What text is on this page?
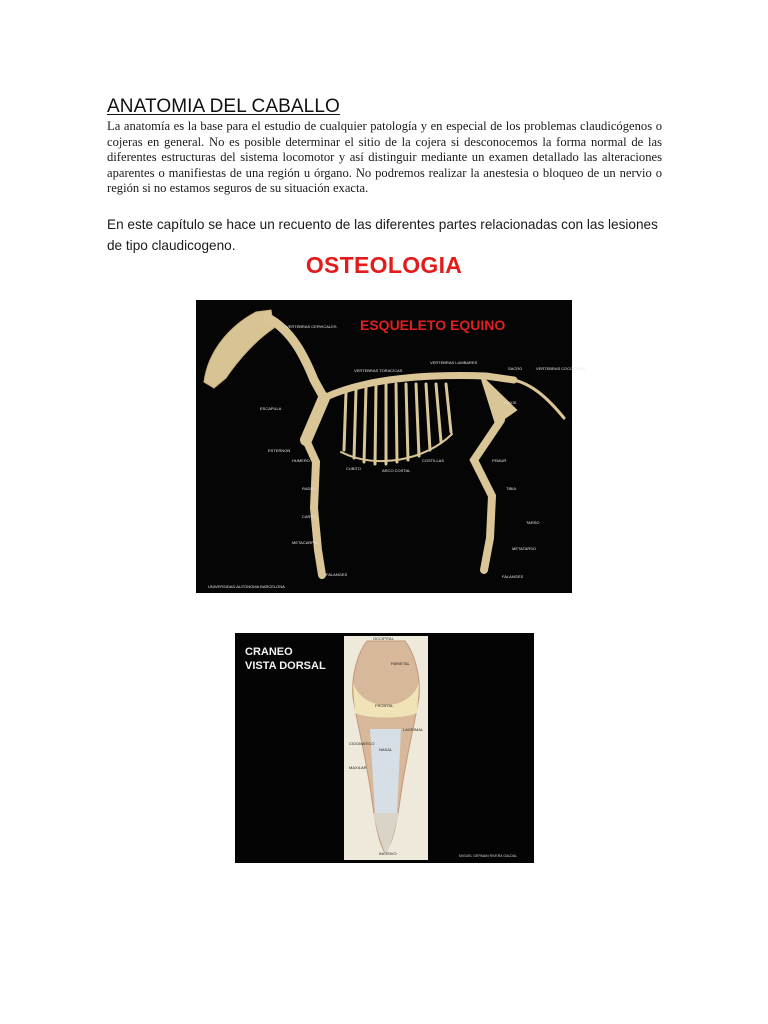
ANATOMIA DEL CABALLO

La anatomía es la base para el estudio de cualquier patología y en especial de los problemas claudicógenos o cojeras en general. No es posible determinar el sitio de la cojera si desconocemos la forma normal de las diferentes estructuras del sistema locomotor y así distinguir mediante un examen detallado las alteraciones aparentes o manifiestas de una región u órgano. No podremos realizar la anestesia o bloqueo de un nervio o región si no estamos seguros de su situación exacta.

En este capítulo se hace un recuento de las diferentes partes relacionadas con las lesiones de tipo claudicogeno.

OSTEOLOGIA
ESQUELETO EQUINO
VERTEBRAS CERVICALES
VERTEBRAS TORACICAS
VERTEBRAS LUMBARES
SACRO	VERTEBRAS COCCIGEAS
COXIS
ESCAPULA
ESTERNON
HUMERO
CUBITO	ARCO COSTAL
COSTILLAS	FEMUR
RADIO	TIBIA
CARPO
TARSO
METACARPO
METATARSO
FALANGES	FALANGES
UNIVERSIDAD AUTONOMA BARCELONA
CRANEO
VISTA DORSAL
OCCIPITAL
PARIETAL
FRONTAL
LAGRIMAL
CIGOMATICO
NASAL
MAXILAR
INCISIVO	MIGUEL GERMAN RIVERA GALDAL
